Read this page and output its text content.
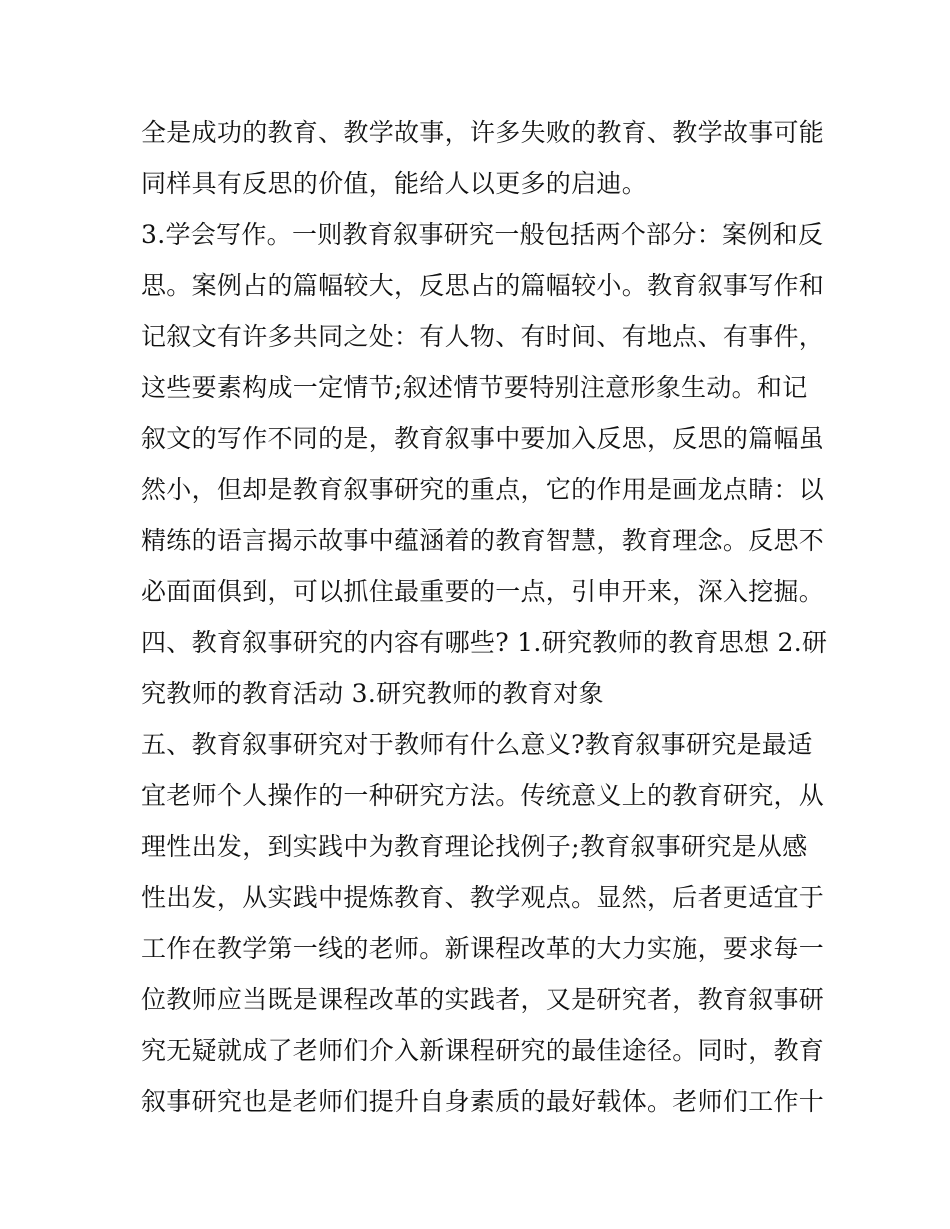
全是成功的教育、教学故事，许多失败的教育、教学故事可能
同样具有反思的价值，能给人以更多的启迪。
3.学会写作。一则教育叙事研究一般包括两个部分：案例和反
思。案例占的篇幅较大，反思占的篇幅较小。教育叙事写作和
记叙文有许多共同之处：有人物、有时间、有地点、有事件，
这些要素构成一定情节;叙述情节要特别注意形象生动。和记
叙文的写作不同的是，教育叙事中要加入反思，反思的篇幅虽
然小，但却是教育叙事研究的重点，它的作用是画龙点睛：以
精练的语言揭示故事中蕴涵着的教育智慧，教育理念。反思不
必面面俱到，可以抓住最重要的一点，引申开来，深入挖掘。
四、教育叙事研究的内容有哪些? 1.研究教师的教育思想 2.研
究教师的教育活动 3.研究教师的教育对象
五、教育叙事研究对于教师有什么意义?教育叙事研究是最适
宜老师个人操作的一种研究方法。传统意义上的教育研究，从
理性出发，到实践中为教育理论找例子;教育叙事研究是从感
性出发，从实践中提炼教育、教学观点。显然，后者更适宜于
工作在教学第一线的老师。新课程改革的大力实施，要求每一
位教师应当既是课程改革的实践者，又是研究者，教育叙事研
究无疑就成了老师们介入新课程研究的最佳途径。同时，教育
叙事研究也是老师们提升自身素质的最好载体。老师们工作十
